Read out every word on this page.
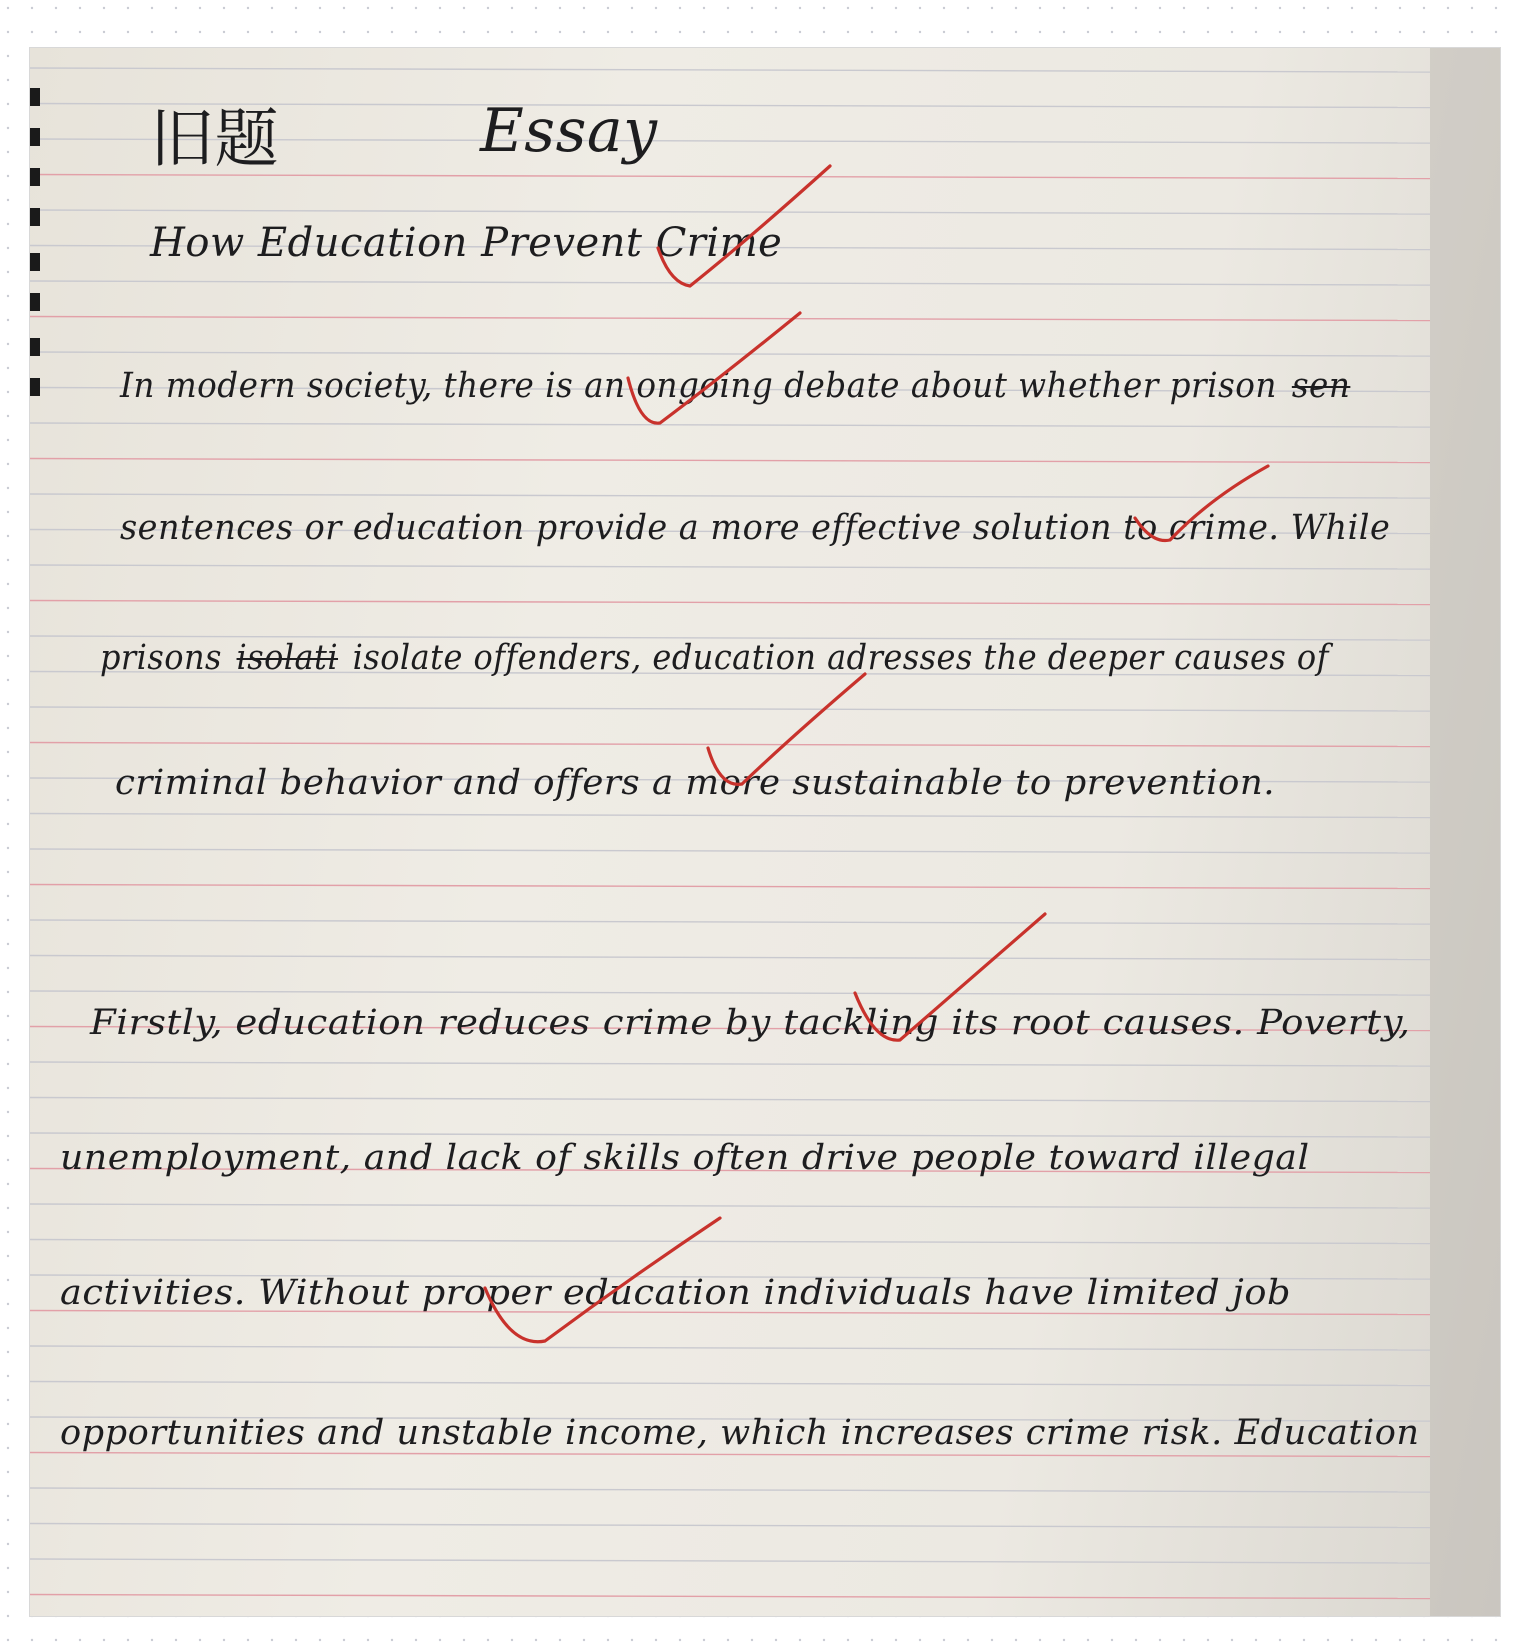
旧题	Essay
How Education Prevent Crime
In modern society, there is an ongoing debate about whether prison sen
sentences or education provide a more effective solution to crime. While
prisons isolati isolate offenders, education adresses the deeper causes of
criminal behavior and offers a more sustainable to prevention.
Firstly, education reduces crime by tackling its root causes. Poverty,
unemployment, and lack of skills often drive people toward illegal
activities. Without proper education individuals have limited job
opportunities and unstable income, which increases crime risk. Education
